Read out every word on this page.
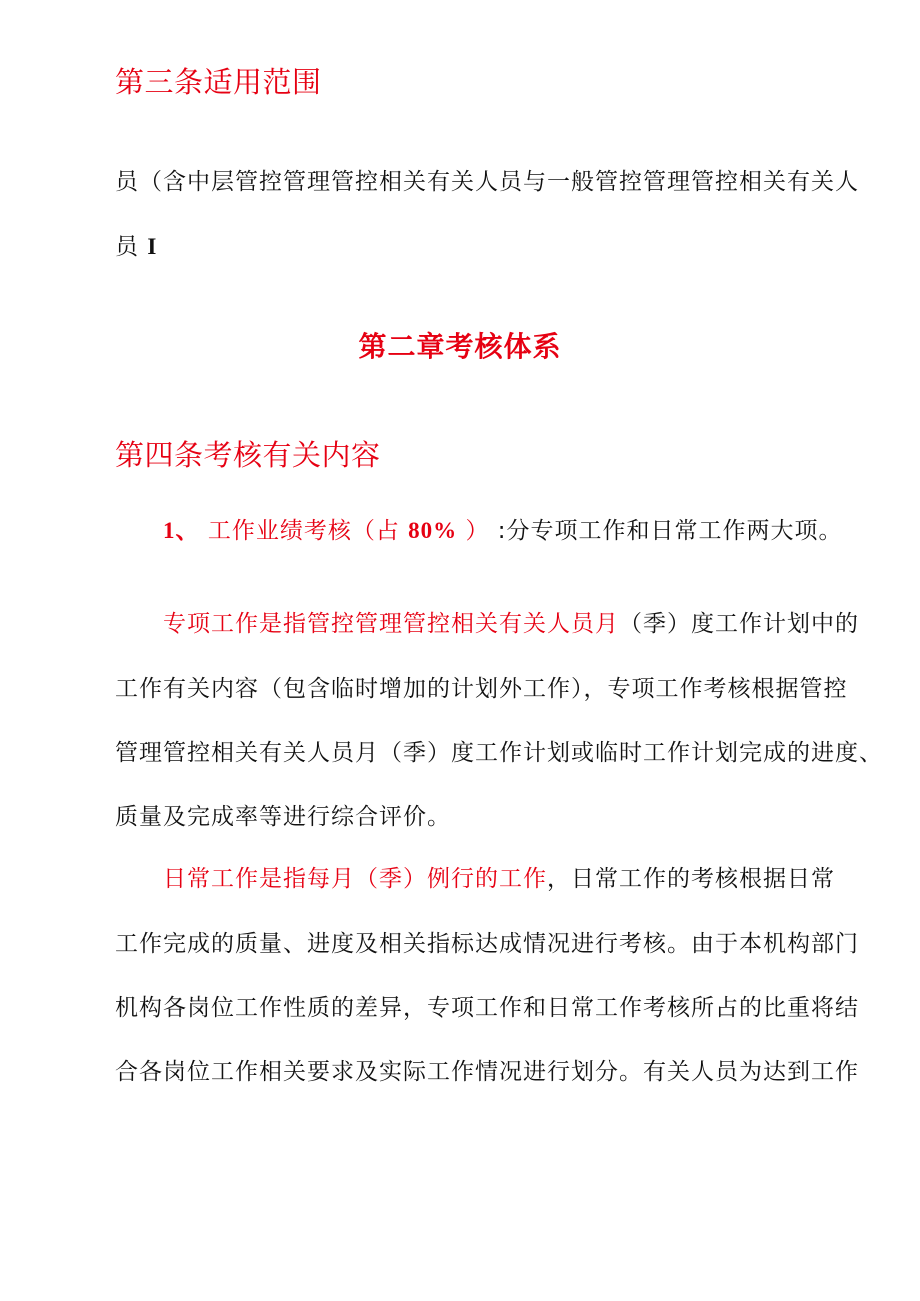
第三条适用范围
员（含中层管控管理管控相关有关人员与一般管控管理管控相关有关人
员 I
第二章考核体系
第四条考核有关内容
1、 工作业绩考核（占 80% ） :分专项工作和日常工作两大项。
专项工作是指管控管理管控相关有关人员月（季）度工作计划中的
工作有关内容（包含临时增加的计划外工作），专项工作考核根据管控
管理管控相关有关人员月（季）度工作计划或临时工作计划完成的进度、
质量及完成率等进行综合评价。
日常工作是指每月（季）例行的工作，日常工作的考核根据日常
工作完成的质量、进度及相关指标达成情况进行考核。由于本机构部门
机构各岗位工作性质的差异，专项工作和日常工作考核所占的比重将结
合各岗位工作相关要求及实际工作情况进行划分。有关人员为达到工作
